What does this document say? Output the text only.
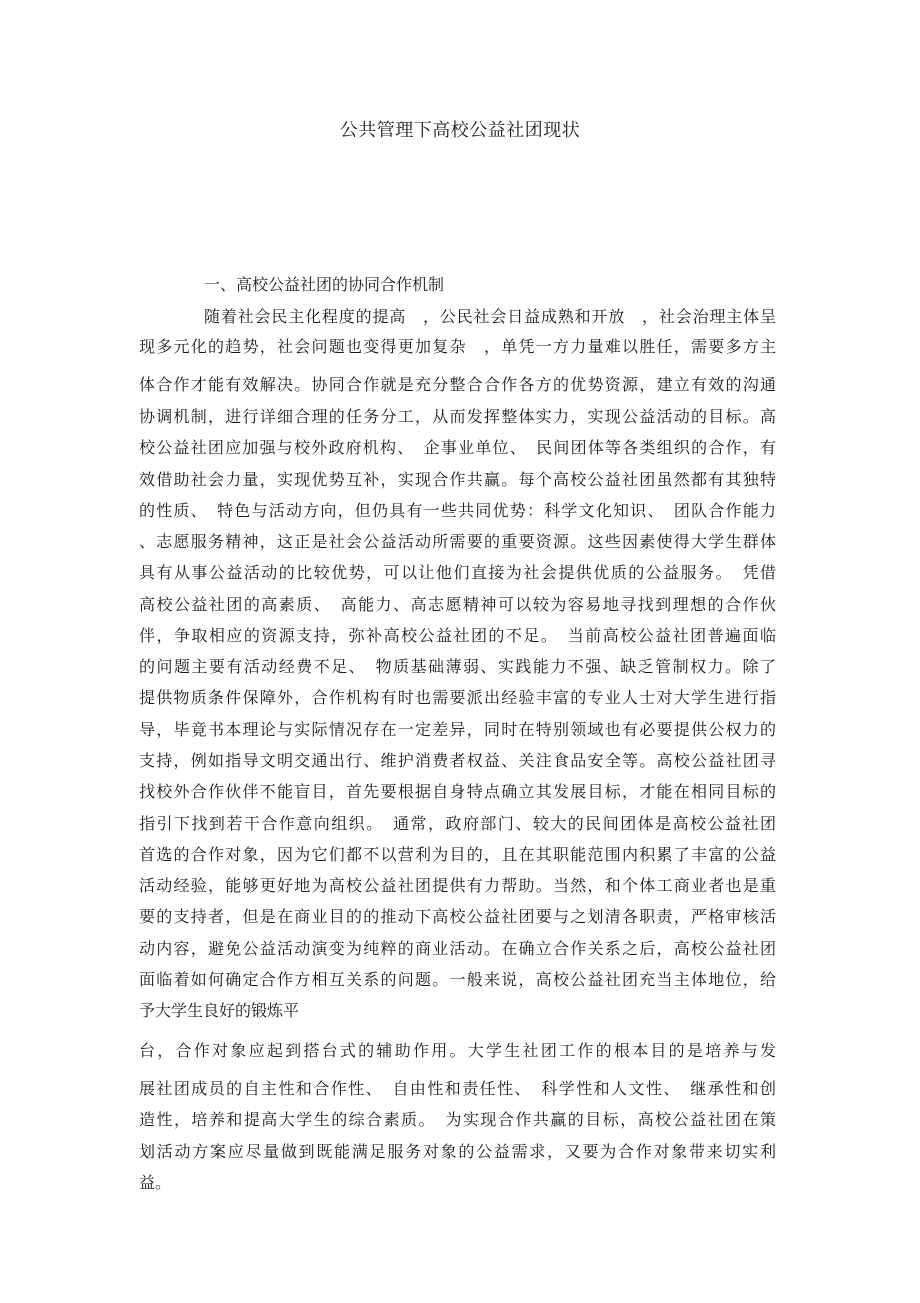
公共管理下高校公益社团现状
一、高校公益社团的协同合作机制
随着社会民主化程度的提高　，公民社会日益成熟和开放　，社会治理主体呈
现多元化的趋势，社会问题也变得更加复杂　，单凭一方力量难以胜任，需要多方主
体合作才能有效解决。协同合作就是充分整合合作各方的优势资源，建立有效的沟通
协调机制，进行详细合理的任务分工，从而发挥整体实力，实现公益活动的目标。高
校公益社团应加强与校外政府机构、　企事业单位、　民间团体等各类组织的合作，有
效借助社会力量，实现优势互补，实现合作共赢。每个高校公益社团虽然都有其独特
的性质、　特色与活动方向，但仍具有一些共同优势：科学文化知识、　团队合作能力
、志愿服务精神，这正是社会公益活动所需要的重要资源。这些因素使得大学生群体
具有从事公益活动的比较优势，可以让他们直接为社会提供优质的公益服务。　凭借
高校公益社团的高素质、　高能力、高志愿精神可以较为容易地寻找到理想的合作伙
伴，争取相应的资源支持，弥补高校公益社团的不足。　当前高校公益社团普遍面临
的问题主要有活动经费不足、　物质基础薄弱、实践能力不强、缺乏管制权力。除了
提供物质条件保障外，合作机构有时也需要派出经验丰富的专业人士对大学生进行指
导，毕竟书本理论与实际情况存在一定差异，同时在特别领域也有必要提供公权力的
支持，例如指导文明交通出行、维护消费者权益、关注食品安全等。高校公益社团寻
找校外合作伙伴不能盲目，首先要根据自身特点确立其发展目标，才能在相同目标的
指引下找到若干合作意向组织。　通常，政府部门、较大的民间团体是高校公益社团
首选的合作对象，因为它们都不以营利为目的，且在其职能范围内积累了丰富的公益
活动经验，能够更好地为高校公益社团提供有力帮助。当然，和个体工商业者也是重
要的支持者，但是在商业目的的推动下高校公益社团要与之划清各职责，严格审核活
动内容，避免公益活动演变为纯粹的商业活动。在确立合作关系之后，高校公益社团
面临着如何确定合作方相互关系的问题。一般来说，高校公益社团充当主体地位，给
予大学生良好的锻炼平
台，合作对象应起到搭台式的辅助作用。大学生社团工作的根本目的是培养与发
展社团成员的自主性和合作性、　自由性和责任性、　科学性和人文性、　继承性和创
造性，培养和提高大学生的综合素质。　为实现合作共赢的目标，高校公益社团在策
划活动方案应尽量做到既能满足服务对象的公益需求，又要为合作对象带来切实利
益。
